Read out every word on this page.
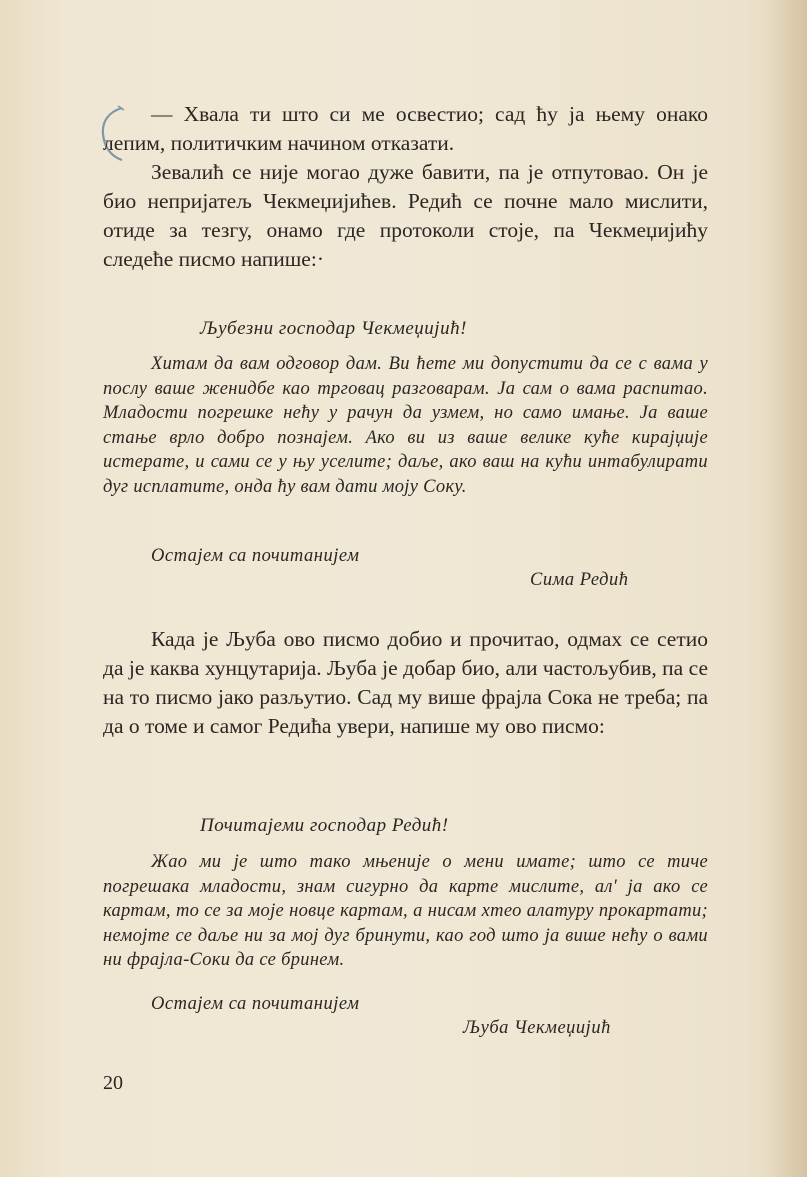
— Хвала ти што си ме освестио; сад ћу ја њему онако лепим, политичким начином отказати.

Зевалић се није могао дуже бавити, па је отпутовао. Он је био непријатељ Чекмеџијићев. Редић се почне мало мислити, отиде за тезгу, онамо где протоколи стоје, па Чекмеџијићу следеће писмо напише:·

Љубезни господар Чекмеџијић!

Хитам да вам одговор дам. Ви ћете ми допустити да се с вама у послу ваше женидбе као трговац разговарам. Ја сам о вама распитао. Младости погрешке нећу у рачун да узмем, но само имање. Ја ваше стање врло добро познајем. Ако ви из ваше велике куће кирајџије истерате, и сами се у њу уселите; даље, ако ваш на кући интабулирати дуг исплатите, онда ћу вам дати моју Соку.

Остајем са почитанијем
Сима Редић

Када је Љуба ово писмо добио и прочитао, одмах се сетио да је каква хунцутарија. Љуба је добар био, али частољубив, па се на то писмо јако разљутио. Сад му више фрајла Сока не треба; па да о томе и самог Редића увери, напише му ово писмо:

Почитајеми господар Редић!

Жао ми је што тако мњеније о мени имате; што се тиче погрешака младости, знам сигурно да карте мислите, ал' ја ако се картам, то се за моје новце картам, а нисам хтео алатуру прокартати; немојте се даље ни за мој дуг бринути, као год што ја више нећу о вами ни фрајла-Соки да се бринем.

Остајем са почитанијем
Љуба Чекмеџијић
20
